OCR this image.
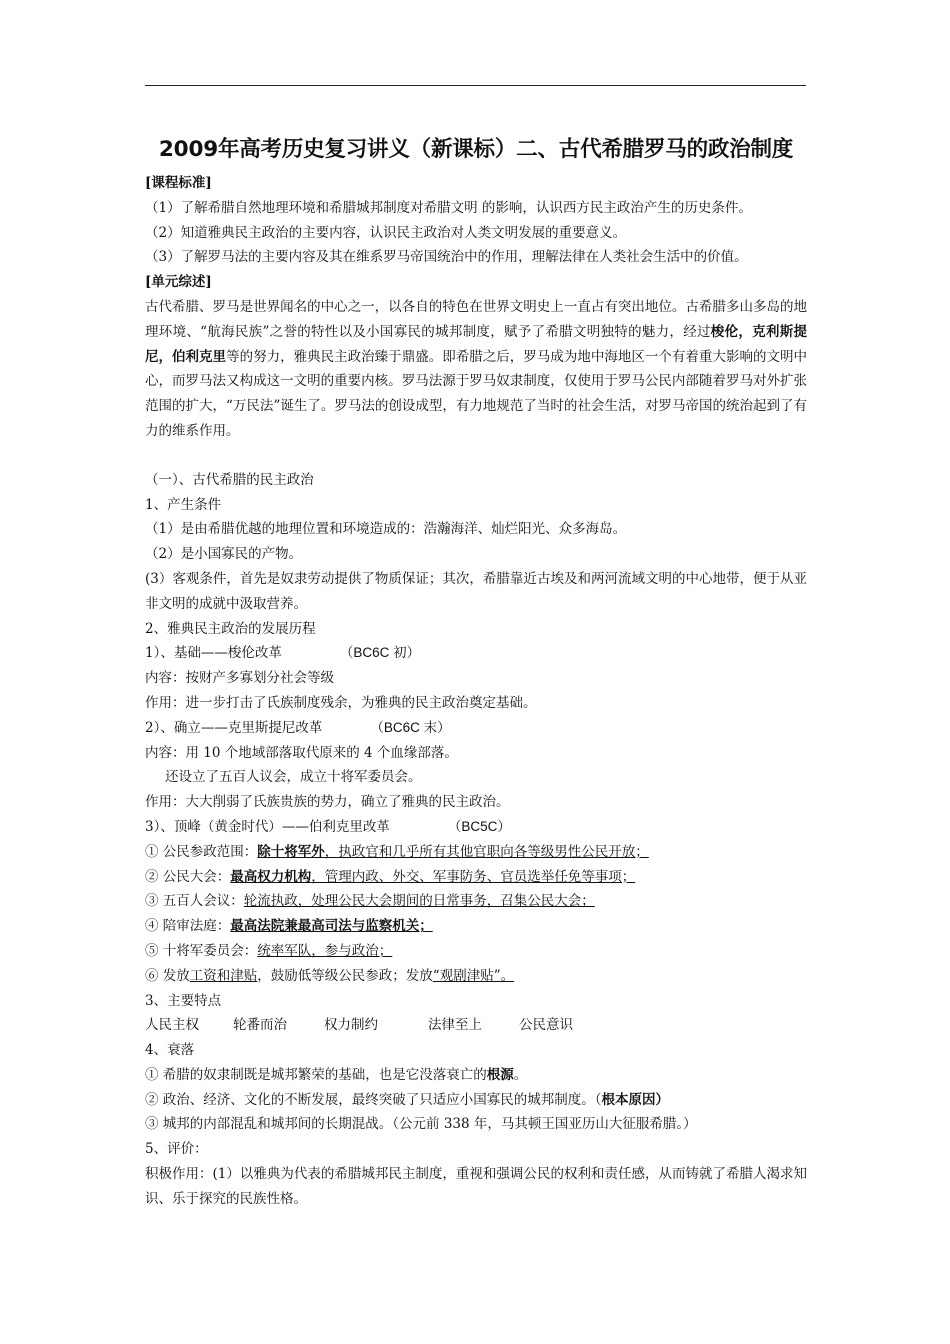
2009年高考历史复习讲义（新课标）二、古代希腊罗马的政治制度
[课程标准]
（1）了解希腊自然地理环境和希腊城邦制度对希腊文明 的影响，认识西方民主政治产生的历史条件。
（2）知道雅典民主政治的主要内容，认识民主政治对人类文明发展的重要意义。
（3）了解罗马法的主要内容及其在维系罗马帝国统治中的作用，理解法律在人类社会生活中的价值。
[单元综述]
古代希腊、罗马是世界闻名的中心之一，以各自的特色在世界文明史上一直占有突出地位。古希腊多山多岛的地理环境、“航海民族”之誉的特性以及小国寡民的城邦制度，赋予了希腊文明独特的魅力，经过梭伦，克利斯提尼，伯利克里等的努力，雅典民主政治臻于鼎盛。即希腊之后，罗马成为地中海地区一个有着重大影响的文明中心，而罗马法又构成这一文明的重要内核。罗马法源于罗马奴隶制度，仅使用于罗马公民内部随着罗马对外扩张范围的扩大，“万民法”诞生了。罗马法的创设成型，有力地规范了当时的社会生活，对罗马帝国的统治起到了有力的维系作用。
（一）、古代希腊的民主政治
1、产生条件
（1）是由希腊优越的地理位置和环境造成的：浩瀚海洋、灿烂阳光、众多海岛。
（2）是小国寡民的产物。
(3）客观条件，首先是奴隶劳动提供了物质保证；其次，希腊靠近古埃及和两河流域文明的中心地带，便于从亚非文明的成就中汲取营养。
2、雅典民主政治的发展历程
1）、基础——梭伦改革	（BC6C 初）
内容：按财产多寡划分社会等级
作用：进一步打击了氏族制度残余，为雅典的民主政治奠定基础。
2）、确立——克里斯提尼改革	（BC6C 末）
内容：用 10 个地域部落取代原来的 4 个血缘部落。
还设立了五百人议会，成立十将军委员会。
作用：大大削弱了氏族贵族的势力，确立了雅典的民主政治。
3）、顶峰（黄金时代）——伯利克里改革	（BC5C）
① 公民参政范围：除十将军外，执政官和几乎所有其他官职向各等级男性公民开放；
② 公民大会：最高权力机构，管理内政、外交、军事防务、官员选举任免等事项；
③ 五百人会议：轮流执政，处理公民大会期间的日常事务，召集公民大会；
④ 陪审法庭：最高法院兼最高司法与监察机关；
⑤ 十将军委员会：统率军队，参与政治；
⑥ 发放工资和津贴，鼓励低等级公民参政；发放“观剧津贴”。
3、主要特点
人民主权	轮番而治	权力制约	法律至上	公民意识
4、衰落
① 希腊的奴隶制既是城邦繁荣的基础，也是它没落衰亡的根源。
② 政治、经济、文化的不断发展，最终突破了只适应小国寡民的城邦制度。（根本原因）
③ 城邦的内部混乱和城邦间的长期混战。（公元前 338 年，马其顿王国亚历山大征服希腊。）
5、评价：
积极作用：(1）以雅典为代表的希腊城邦民主制度，重视和强调公民的权利和责任感，从而铸就了希腊人渴求知识、乐于探究的民族性格。
